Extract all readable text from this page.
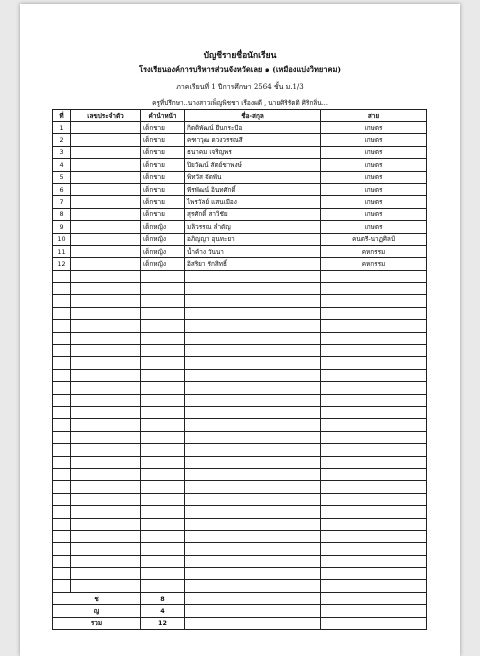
บัญชีรายชื่อนักเรียน
โรงเรียนองค์การบริหารส่วนจังหวัดเลย ๑ (เหมืองแบ่งวิทยาคม)
ภาคเรียนที่ 1 ปีการศึกษา 2564 ชั้น ม.1/3
ครูที่ปรึกษา..นางสาวเพ็ญพิชชา เรืองผดี , นายศิริรัตติ ศิริกลิ่น...
ที่	เลขประจำตัว	คำนำหน้า	ชื่อ-สกุล	สาย
1		เด็กชาย	กิตติพัฒน์ ยืนกระบือ	เกษตร
2		เด็กชาย	คฑาวุฒ ดวงวรรณสี	เกษตร
3		เด็กชาย	ธนาคม เจริญพร	เกษตร
4		เด็กชาย	ปิยวัฒน์ สัตย์ชาพงษ์	เกษตร
5		เด็กชาย	พิทวัส จัดพัน	เกษตร
6		เด็กชาย	พีรพัฒน์ อินทศักดิ์	เกษตร
7		เด็กชาย	ไพรวัลย์ แสนเมือง	เกษตร
8		เด็กชาย	สุรศักดิ์ สาวิชัย	เกษตร
9		เด็กหญิง	มลิวรรณ ลำดัญ	เกษตร
10		เด็กหญิง	อภิญญา อุนทะยา	คนตรี-นาฏศิลป์
11		เด็กหญิง	น้ำค้าง วันนา	คหกรรม
12		เด็กหญิง	อิสริยา รักสิทธิ์	คหกรรม

ช		8		
ญ		4		
รวม		12		
